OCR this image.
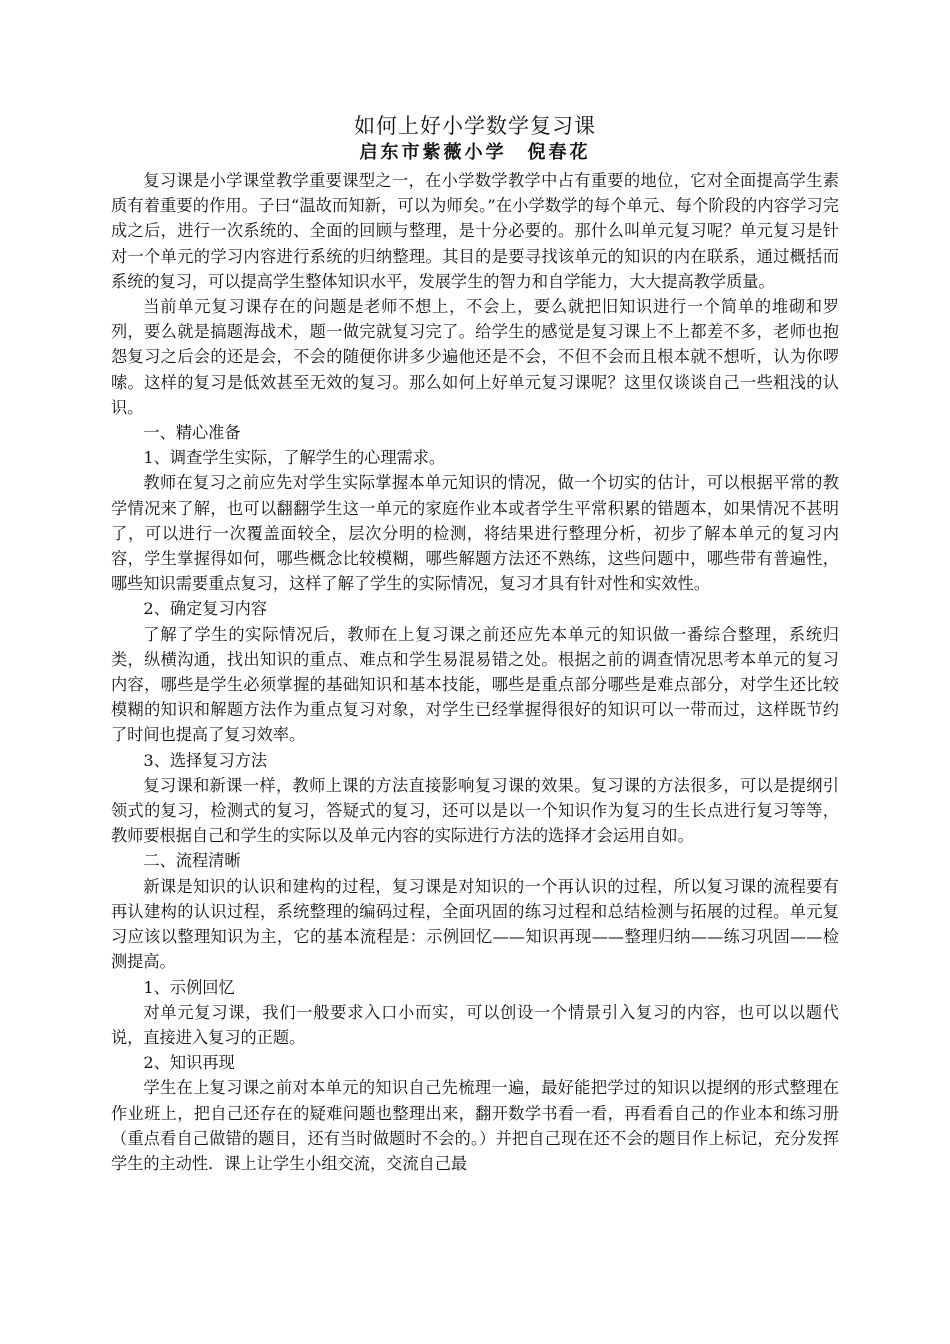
如何上好小学数学复习课
启东市紫薇小学　倪春花

复习课是小学课堂教学重要课型之一，在小学数学教学中占有重要的地位，它对全面提高学生素质有着重要的作用。子曰“温故而知新，可以为师矣。”在小学数学的每个单元、每个阶段的内容学习完成之后，进行一次系统的、全面的回顾与整理，是十分必要的。那什么叫单元复习呢？单元复习是针对一个单元的学习内容进行系统的归纳整理。其目的是要寻找该单元的知识的内在联系，通过概括而系统的复习，可以提高学生整体知识水平，发展学生的智力和自学能力，大大提高教学质量。

当前单元复习课存在的问题是老师不想上，不会上，要么就把旧知识进行一个简单的堆砌和罗列，要么就是搞题海战术，题一做完就复习完了。给学生的感觉是复习课上不上都差不多，老师也抱怨复习之后会的还是会，不会的随便你讲多少遍他还是不会，不但不会而且根本就不想听，认为你啰嗦。这样的复习是低效甚至无效的复习。那么如何上好单元复习课呢？这里仅谈谈自己一些粗浅的认识。

一、精心准备

1、调查学生实际，了解学生的心理需求。

教师在复习之前应先对学生实际掌握本单元知识的情况，做一个切实的估计，可以根据平常的教学情况来了解，也可以翻翻学生这一单元的家庭作业本或者学生平常积累的错题本，如果情况不甚明了，可以进行一次覆盖面较全，层次分明的检测，将结果进行整理分析，初步了解本单元的复习内容，学生掌握得如何，哪些概念比较模糊，哪些解题方法还不熟练，这些问题中，哪些带有普遍性，哪些知识需要重点复习，这样了解了学生的实际情况，复习才具有针对性和实效性。

2、确定复习内容

了解了学生的实际情况后，教师在上复习课之前还应先本单元的知识做一番综合整理，系统归类，纵横沟通，找出知识的重点、难点和学生易混易错之处。根据之前的调查情况思考本单元的复习内容，哪些是学生必须掌握的基础知识和基本技能，哪些是重点部分哪些是难点部分，对学生还比较模糊的知识和解题方法作为重点复习对象，对学生已经掌握得很好的知识可以一带而过，这样既节约了时间也提高了复习效率。

3、选择复习方法

复习课和新课一样，教师上课的方法直接影响复习课的效果。复习课的方法很多，可以是提纲引领式的复习，检测式的复习，答疑式的复习，还可以是以一个知识作为复习的生长点进行复习等等，教师要根据自己和学生的实际以及单元内容的实际进行方法的选择才会运用自如。

二、流程清晰

新课是知识的认识和建构的过程，复习课是对知识的一个再认识的过程，所以复习课的流程要有再认建构的认识过程，系统整理的编码过程，全面巩固的练习过程和总结检测与拓展的过程。单元复习应该以整理知识为主，它的基本流程是：示例回忆——知识再现——整理归纳——练习巩固——检测提高。

1、示例回忆

对单元复习课，我们一般要求入口小而实，可以创设一个情景引入复习的内容，也可以以题代说，直接进入复习的正题。

2、知识再现

学生在上复习课之前对本单元的知识自己先梳理一遍，最好能把学过的知识以提纲的形式整理在作业班上，把自己还存在的疑难问题也整理出来，翻开数学书看一看，再看看自己的作业本和练习册（重点看自己做错的题目，还有当时做题时不会的。）并把自己现在还不会的题目作上标记，充分发挥学生的主动性．课上让学生小组交流，交流自己最
